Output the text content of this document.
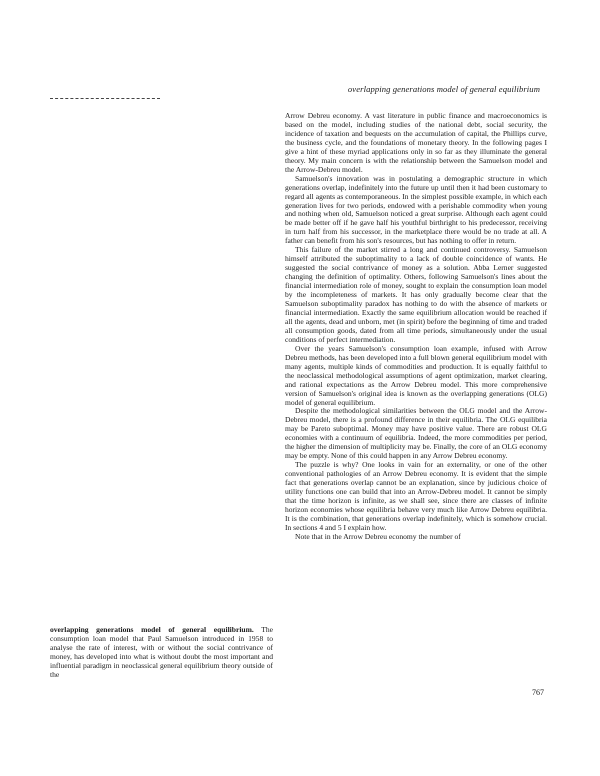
overlapping generations model of general equilibrium

overlapping generations model of general equilibrium. The consumption loan model that Paul Samuelson introduced in 1958 to analyse the rate of interest, with or without the social contrivance of money, has developed into what is without doubt the most important and influential paradigm in neoclassical general equilibrium theory outside of the

Arrow Debreu economy. A vast literature in public finance and macroeconomics is based on the model, including studies of the national debt, social security, the incidence of taxation and bequests on the accumulation of capital, the Phillips curve, the business cycle, and the foundations of monetary theory. In the following pages I give a hint of these myriad applications only in so far as they illuminate the general theory. My main concern is with the relationship between the Samuelson model and the Arrow-Debreu model.

Samuelson's innovation was in postulating a demographic structure in which generations overlap, indefinitely into the future up until then it had been customary to regard all agents as contemporaneous. In the simplest possible example, in which each generation lives for two periods, endowed with a perishable commodity when young and nothing when old, Samuelson noticed a great surprise. Although each agent could be made better off if he gave half his youthful birthright to his predecessor, receiving in turn half from his successor, in the marketplace there would be no trade at all. A father can benefit from his son's resources, but has nothing to offer in return.

This failure of the market stirred a long and continued controversy. Samuelson himself attributed the suboptimality to a lack of double coincidence of wants. He suggested the social contrivance of money as a solution. Abba Lerner suggested changing the definition of optimality. Others, following Samuelson's lines about the financial intermediation role of money, sought to explain the consumption loan model by the incompleteness of markets. It has only gradually become clear that the Samuelson suboptimality paradox has nothing to do with the absence of markets or financial intermediation. Exactly the same equilibrium allocation would be reached if all the agents, dead and unborn, met (in spirit) before the beginning of time and traded all consumption goods, dated from all time periods, simultaneously under the usual conditions of perfect intermediation.

Over the years Samuelson's consumption loan example, infused with Arrow Debreu methods, has been developed into a full blown general equilibrium model with many agents, multiple kinds of commodities and production. It is equally faithful to the neoclassical methodological assumptions of agent optimization, market clearing, and rational expectations as the Arrow Debreu model. This more comprehensive version of Samuelson's original idea is known as the overlapping generations (OLG) model of general equilibrium.

Despite the methodological similarities between the OLG model and the Arrow-Debreu model, there is a profound difference in their equilibria. The OLG equilibria may be Pareto suboptimal. Money may have positive value. There are robust OLG economies with a continuum of equilibria. Indeed, the more commodities per period, the higher the dimension of multiplicity may be. Finally, the core of an OLG economy may be empty. None of this could happen in any Arrow Debreu economy.

The puzzle is why? One looks in vain for an externality, or one of the other conventional pathologies of an Arrow Debreu economy. It is evident that the simple fact that generations overlap cannot be an explanation, since by judicious choice of utility functions one can build that into an Arrow-Debreu model. It cannot be simply that the time horizon is infinite, as we shall see, since there are classes of infinite horizon economies whose equilibria behave very much like Arrow Debreu equilibria. It is the combination, that generations overlap indefinitely, which is somehow crucial. In sections 4 and 5 I explain how.

Note that in the Arrow Debreu economy the number of

767
